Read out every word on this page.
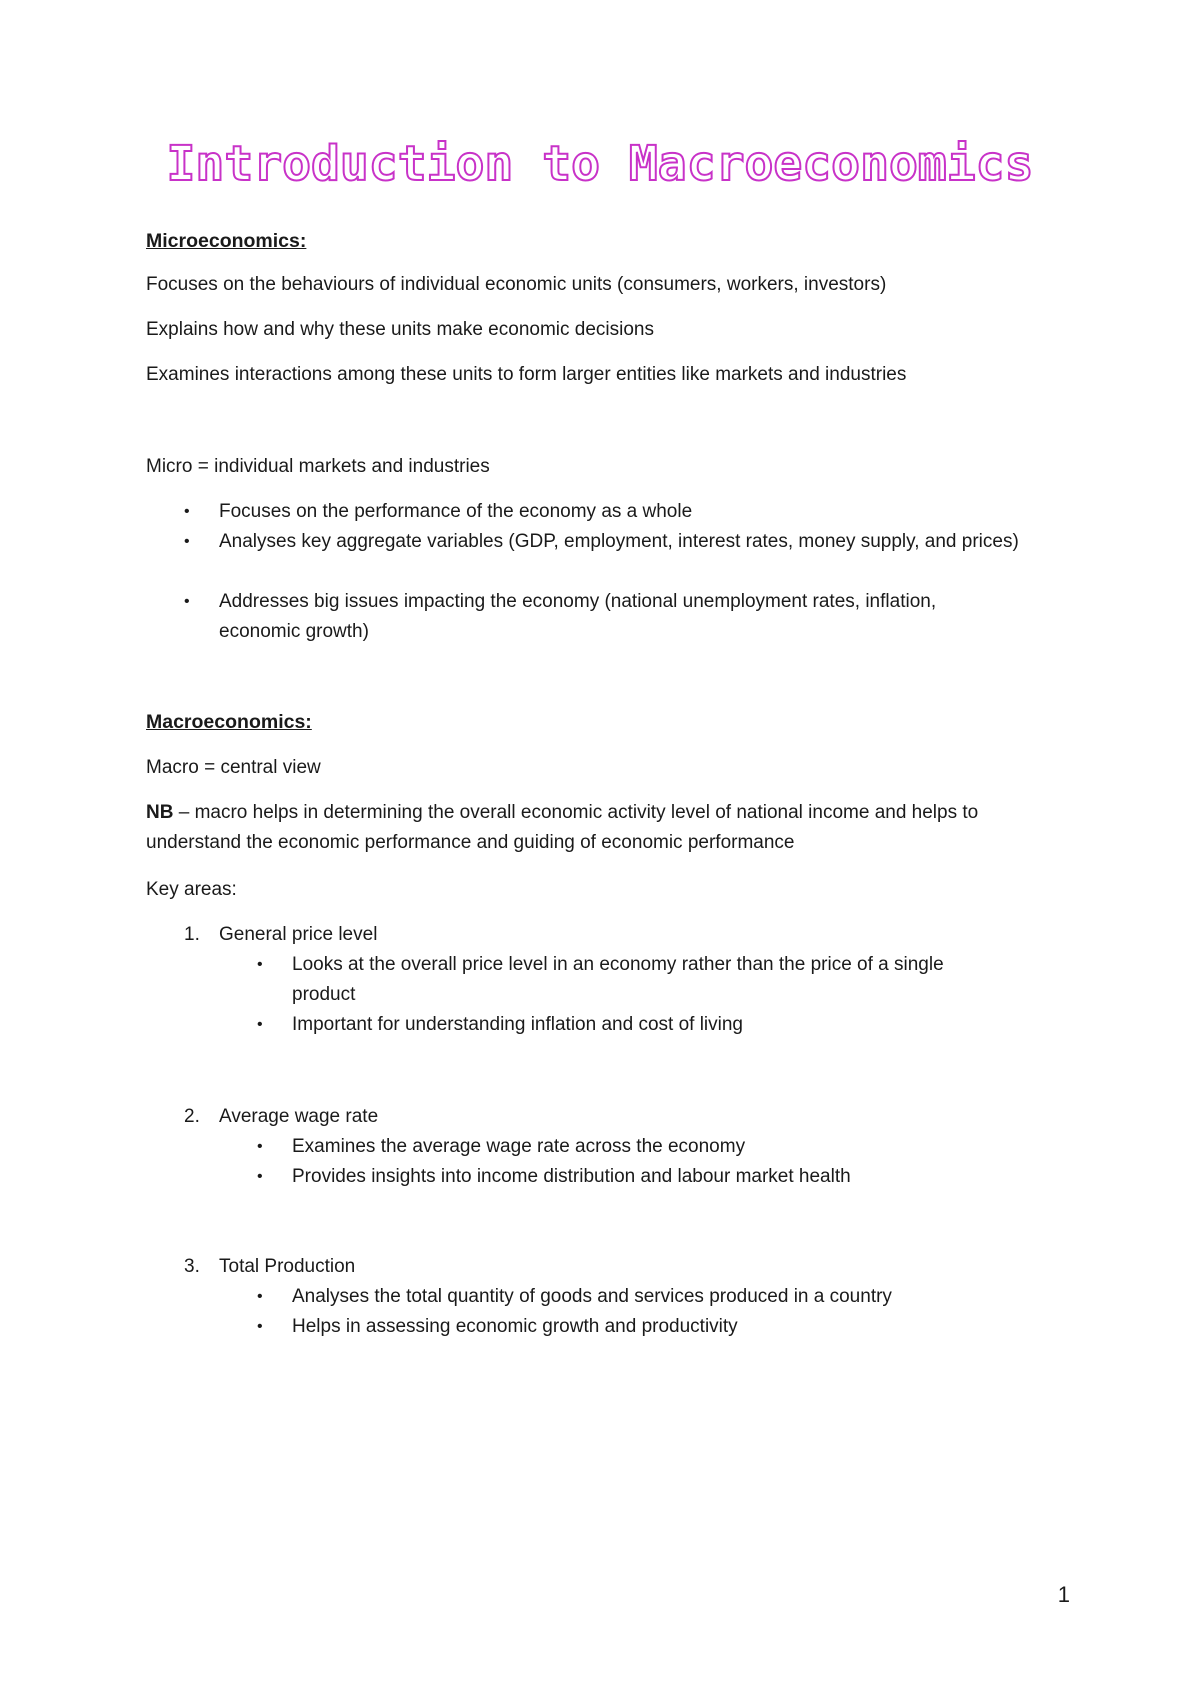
Introduction to Macroeconomics
Microeconomics:
Focuses on the behaviours of individual economic units (consumers, workers, investors)
Explains how and why these units make economic decisions
Examines interactions among these units to form larger entities like markets and industries
Micro = individual markets and industries
•	Focuses on the performance of the economy as a whole
•	Analyses key aggregate variables (GDP, employment, interest rates, money supply, and prices)
•	Addresses big issues impacting the economy (national unemployment rates, inflation, economic growth)
Macroeconomics:
Macro = central view
NB – macro helps in determining the overall economic activity level of national income and helps to understand the economic performance and guiding of economic performance
Key areas:
1. General price level
•	Looks at the overall price level in an economy rather than the price of a single product
•	Important for understanding inflation and cost of living
2. Average wage rate
•	Examines the average wage rate across the economy
•	Provides insights into income distribution and labour market health
3. Total Production
•	Analyses the total quantity of goods and services produced in a country
•	Helps in assessing economic growth and productivity
1
